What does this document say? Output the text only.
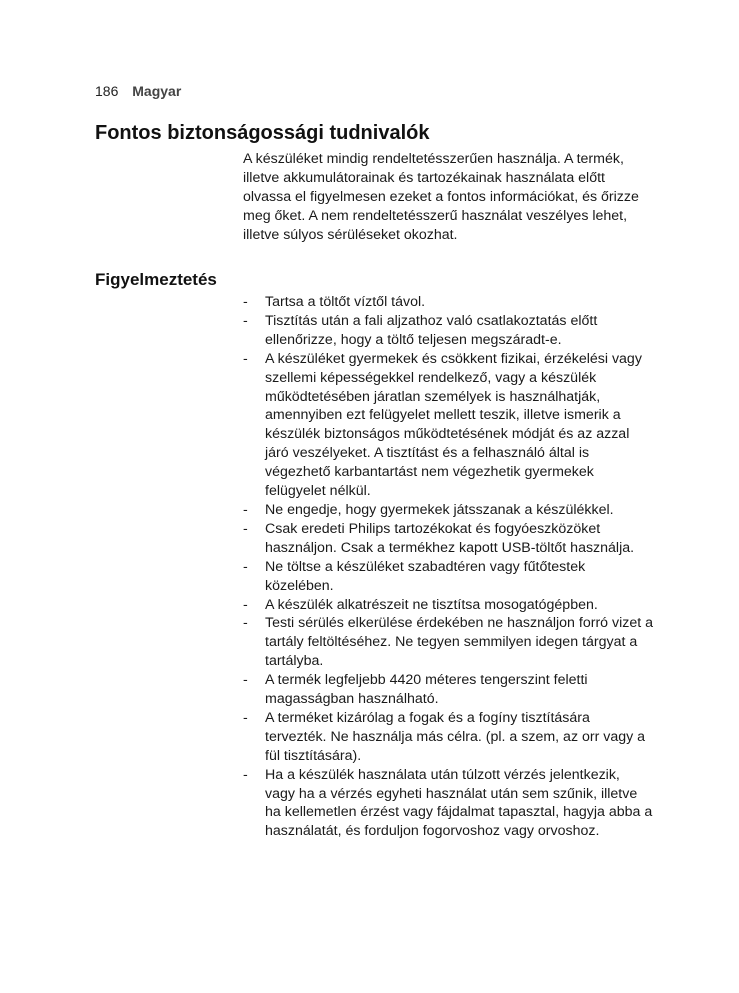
186 Magyar
Fontos biztonságossági tudnivalók

A készüléket mindig rendeltetésszerűen használja. A termék, illetve akkumulátorainak és tartozékainak használata előtt olvassa el figyelmesen ezeket a fontos információkat, és őrizze meg őket. A nem rendeltetésszerű használat veszélyes lehet, illetve súlyos sérüléseket okozhat.

Figyelmeztetés
- Tartsa a töltőt víztől távol.
- Tisztítás után a fali aljzathoz való csatlakoztatás előtt ellenőrizze, hogy a töltő teljesen megszáradt-e.
- A készüléket gyermekek és csökkent fizikai, érzékelési vagy szellemi képességekkel rendelkező, vagy a készülék működtetésében járatlan személyek is használhatják, amennyiben ezt felügyelet mellett teszik, illetve ismerik a készülék biztonságos működtetésének módját és az azzal járó veszélyeket. A tisztítást és a felhasználó által is végezhető karbantartást nem végezhetik gyermekek felügyelet nélkül.
- Ne engedje, hogy gyermekek játsszanak a készülékkel.
- Csak eredeti Philips tartozékokat és fogyóeszközöket használjon. Csak a termékhez kapott USB-töltőt használja.
- Ne töltse a készüléket szabadtéren vagy fűtőtestek közelében.
- A készülék alkatrészeit ne tisztítsa mosogatógépben.
- Testi sérülés elkerülése érdekében ne használjon forró vizet a tartály feltöltéséhez. Ne tegyen semmilyen idegen tárgyat a tartályba.
- A termék legfeljebb 4420 méteres tengerszint feletti magasságban használható.
- A terméket kizárólag a fogak és a fogíny tisztítására tervezték. Ne használja más célra. (pl. a szem, az orr vagy a fül tisztítására).
- Ha a készülék használata után túlzott vérzés jelentkezik, vagy ha a vérzés egyheti használat után sem szűnik, illetve ha kellemetlen érzést vagy fájdalmat tapasztal, hagyja abba a használatát, és forduljon fogorvoshoz vagy orvoshoz.
